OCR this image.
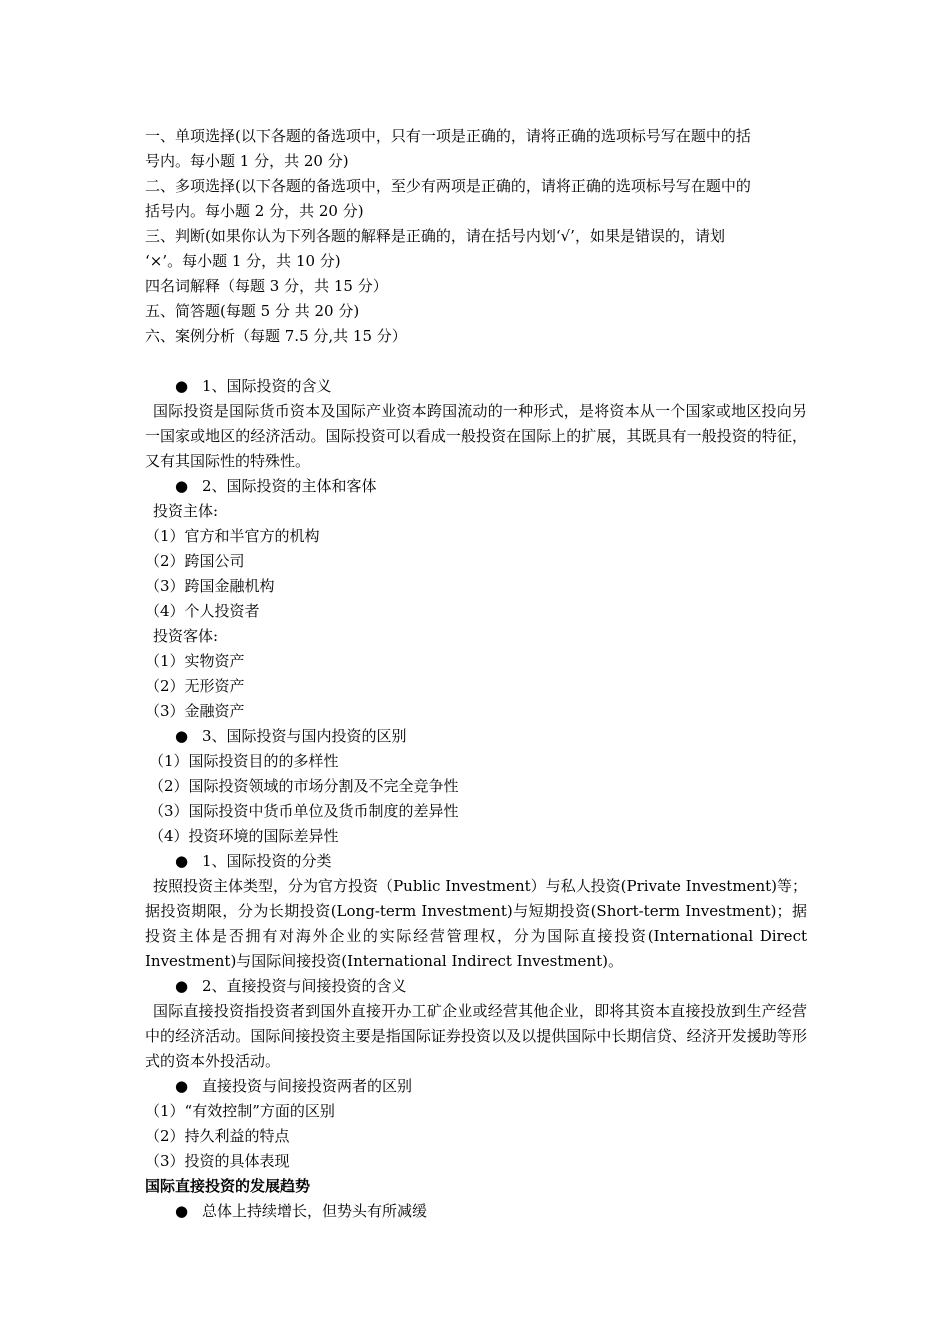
一、单项选择(以下各题的备选项中，只有一项是正确的，请将正确的选项标号写在题中的括
号内。每小题 1 分，共 20 分)
二、多项选择(以下各题的备选项中，至少有两项是正确的，请将正确的选项标号写在题中的
括号内。每小题 2 分，共 20 分)
三、判断(如果你认为下列各题的解释是正确的，请在括号内划‘√’，如果是错误的，请划
‘×’。每小题 1 分，共 10 分)
四名词解释（每题 3 分，共 15 分）
五、简答题(每题 5 分 共 20 分)
六、案例分析（每题 7.5 分,共 15 分）
● 1、国际投资的含义
国际投资是国际货币资本及国际产业资本跨国流动的一种形式，是将资本从一个国家或地区投向另一国家或地区的经济活动。国际投资可以看成一般投资在国际上的扩展，其既具有一般投资的特征，又有其国际性的特殊性。
● 2、国际投资的主体和客体
投资主体:
（1）官方和半官方的机构
（2）跨国公司
（3）跨国金融机构
（4）个人投资者
投资客体:
（1）实物资产
（2）无形资产
（3）金融资产
● 3、国际投资与国内投资的区别
（1）国际投资目的的多样性
（2）国际投资领域的市场分割及不完全竞争性
（3）国际投资中货币单位及货币制度的差异性
（4）投资环境的国际差异性
● 1、国际投资的分类
按照投资主体类型，分为官方投资（Public Investment）与私人投资(Private Investment)等；据投资期限，分为长期投资(Long-term Investment)与短期投资(Short-term Investment)；据投资主体是否拥有对海外企业的实际经营管理权，分为国际直接投资(International Direct Investment)与国际间接投资(International Indirect Investment)。
● 2、直接投资与间接投资的含义
国际直接投资指投资者到国外直接开办工矿企业或经营其他企业，即将其资本直接投放到生产经营中的经济活动。国际间接投资主要是指国际证券投资以及以提供国际中长期信贷、经济开发援助等形式的资本外投活动。
● 直接投资与间接投资两者的区别
（1）“有效控制”方面的区别
（2）持久利益的特点
（3）投资的具体表现
国际直接投资的发展趋势
● 总体上持续增长，但势头有所减缓
